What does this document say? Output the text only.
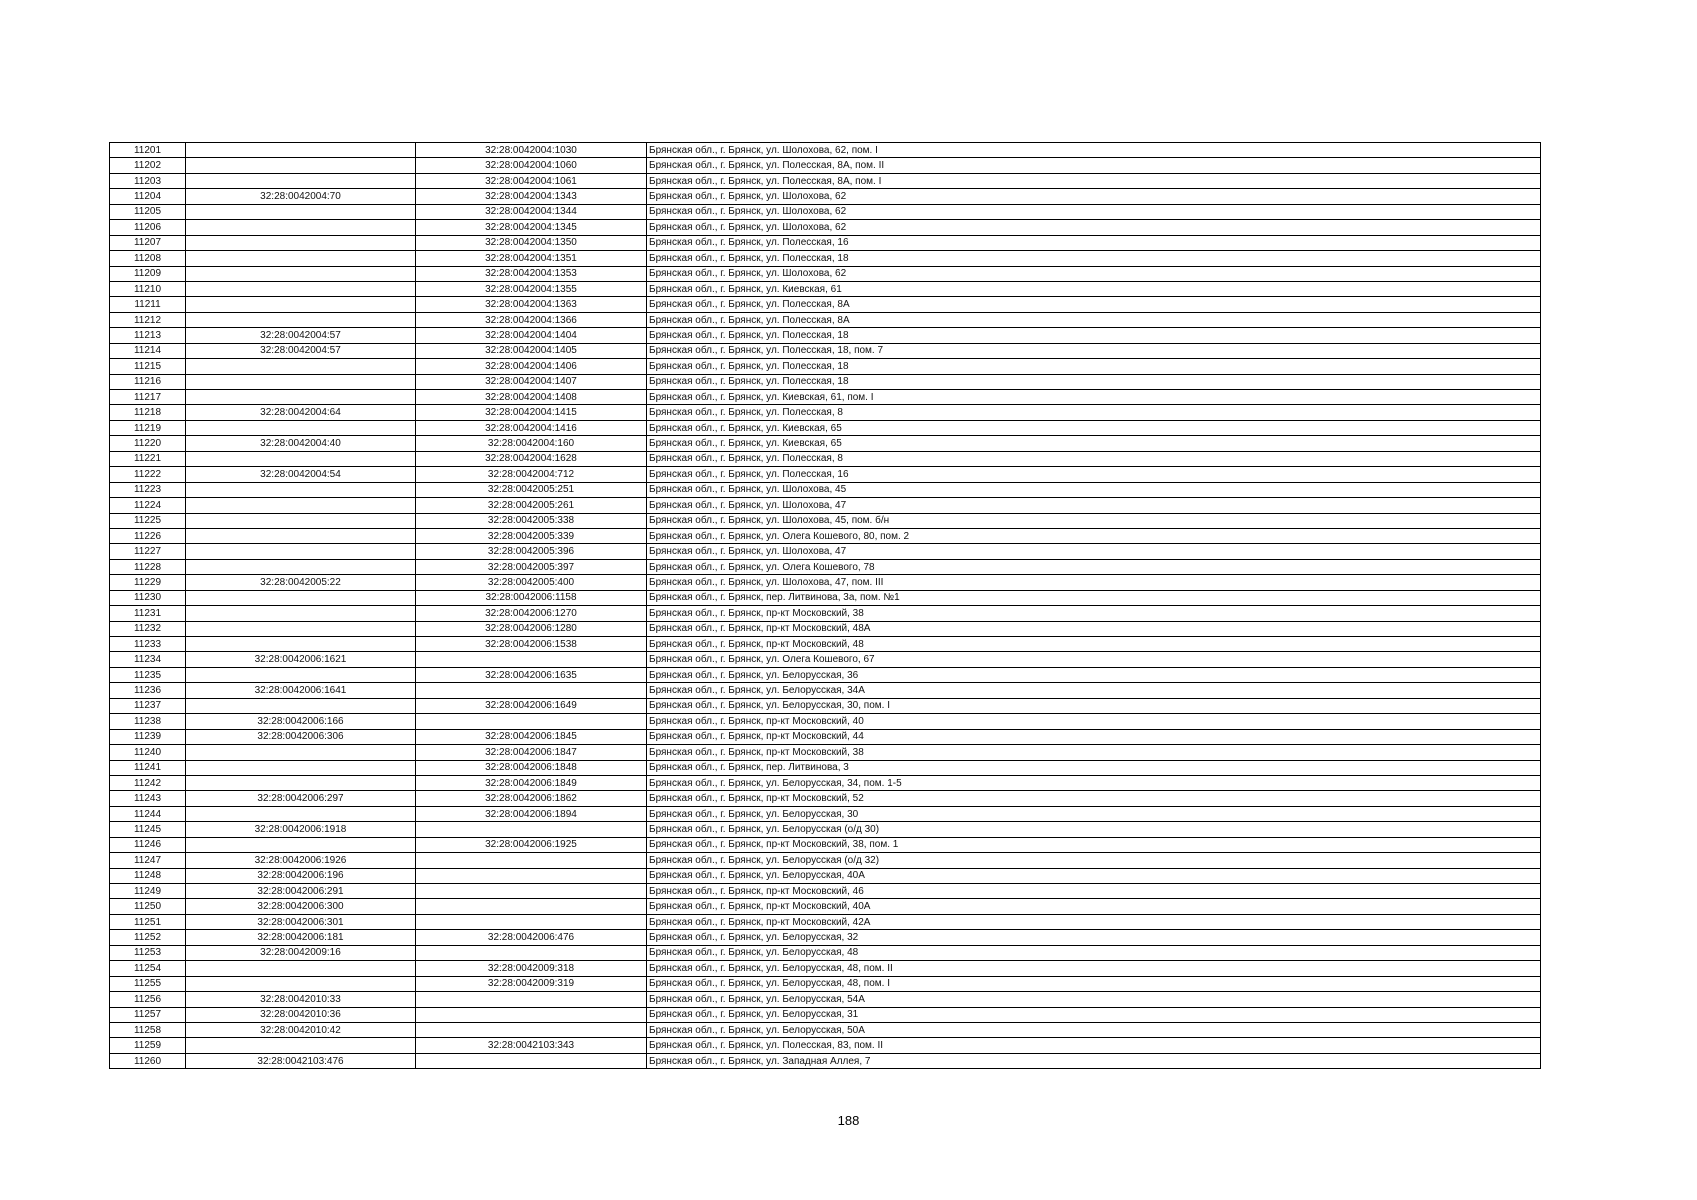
11201		32:28:0042004:1030	Брянская обл., г. Брянск, ул. Шолохова, 62, пом. I
11202		32:28:0042004:1060	Брянская обл., г. Брянск, ул. Полесская, 8А, пом. II
11203		32:28:0042004:1061	Брянская обл., г. Брянск, ул. Полесская, 8А, пом. I
11204	32:28:0042004:70	32:28:0042004:1343	Брянская обл., г. Брянск, ул. Шолохова, 62
11205		32:28:0042004:1344	Брянская обл., г. Брянск, ул. Шолохова, 62
11206		32:28:0042004:1345	Брянская обл., г. Брянск, ул. Шолохова, 62
11207		32:28:0042004:1350	Брянская обл., г. Брянск, ул. Полесская, 16
11208		32:28:0042004:1351	Брянская обл., г. Брянск, ул. Полесская, 18
11209		32:28:0042004:1353	Брянская обл., г. Брянск, ул. Шолохова, 62
11210		32:28:0042004:1355	Брянская обл., г. Брянск, ул. Киевская, 61
11211		32:28:0042004:1363	Брянская обл., г. Брянск, ул. Полесская, 8А
11212		32:28:0042004:1366	Брянская обл., г. Брянск, ул. Полесская, 8А
11213	32:28:0042004:57	32:28:0042004:1404	Брянская обл., г. Брянск, ул. Полесская, 18
11214	32:28:0042004:57	32:28:0042004:1405	Брянская обл., г. Брянск, ул. Полесская, 18, пом. 7
11215		32:28:0042004:1406	Брянская обл., г. Брянск, ул. Полесская, 18
11216		32:28:0042004:1407	Брянская обл., г. Брянск, ул. Полесская, 18
11217		32:28:0042004:1408	Брянская обл., г. Брянск, ул. Киевская, 61, пом. I
11218	32:28:0042004:64	32:28:0042004:1415	Брянская обл., г. Брянск, ул. Полесская, 8
11219		32:28:0042004:1416	Брянская обл., г. Брянск, ул. Киевская, 65
11220	32:28:0042004:40	32:28:0042004:160	Брянская обл., г. Брянск, ул. Киевская, 65
11221		32:28:0042004:1628	Брянская обл., г. Брянск, ул. Полесская, 8
11222	32:28:0042004:54	32:28:0042004:712	Брянская обл., г. Брянск, ул. Полесская, 16
11223		32:28:0042005:251	Брянская обл., г. Брянск, ул. Шолохова, 45
11224		32:28:0042005:261	Брянская обл., г. Брянск, ул. Шолохова, 47
11225		32:28:0042005:338	Брянская обл., г. Брянск, ул. Шолохова, 45, пом. б/н
11226		32:28:0042005:339	Брянская обл., г. Брянск, ул. Олега Кошевого, 80, пом. 2
11227		32:28:0042005:396	Брянская обл., г. Брянск, ул. Шолохова, 47
11228		32:28:0042005:397	Брянская обл., г. Брянск, ул. Олега Кошевого, 78
11229	32:28:0042005:22	32:28:0042005:400	Брянская обл., г. Брянск, ул. Шолохова, 47, пом. III
11230		32:28:0042006:1158	Брянская обл., г. Брянск, пер. Литвинова, 3а, пом. №1
11231		32:28:0042006:1270	Брянская обл., г. Брянск, пр-кт Московский, 38
11232		32:28:0042006:1280	Брянская обл., г. Брянск, пр-кт Московский, 48А
11233		32:28:0042006:1538	Брянская обл., г. Брянск, пр-кт Московский, 48
11234	32:28:0042006:1621		Брянская обл., г. Брянск, ул. Олега Кошевого, 67
11235		32:28:0042006:1635	Брянская обл., г. Брянск, ул. Белорусская, 36
11236	32:28:0042006:1641		Брянская обл., г. Брянск, ул. Белорусская, 34А
11237		32:28:0042006:1649	Брянская обл., г. Брянск, ул. Белорусская, 30, пом. I
11238	32:28:0042006:166		Брянская обл., г. Брянск, пр-кт Московский, 40
11239	32:28:0042006:306	32:28:0042006:1845	Брянская обл., г. Брянск, пр-кт Московский, 44
11240		32:28:0042006:1847	Брянская обл., г. Брянск, пр-кт Московский, 38
11241		32:28:0042006:1848	Брянская обл., г. Брянск, пер. Литвинова, 3
11242		32:28:0042006:1849	Брянская обл., г. Брянск, ул. Белорусская, 34, пом. 1-5
11243	32:28:0042006:297	32:28:0042006:1862	Брянская обл., г. Брянск, пр-кт Московский, 52
11244		32:28:0042006:1894	Брянская обл., г. Брянск, ул. Белорусская, 30
11245	32:28:0042006:1918		Брянская обл., г. Брянск, ул. Белорусская (о/д 30)
11246		32:28:0042006:1925	Брянская обл., г. Брянск, пр-кт Московский, 38, пом. 1
11247	32:28:0042006:1926		Брянская обл., г. Брянск, ул. Белорусская (о/д 32)
11248	32:28:0042006:196		Брянская обл., г. Брянск, ул. Белорусская, 40А
11249	32:28:0042006:291		Брянская обл., г. Брянск, пр-кт Московский, 46
11250	32:28:0042006:300		Брянская обл., г. Брянск, пр-кт Московский, 40А
11251	32:28:0042006:301		Брянская обл., г. Брянск, пр-кт Московский, 42А
11252	32:28:0042006:181	32:28:0042006:476	Брянская обл., г. Брянск, ул. Белорусская, 32
11253	32:28:0042009:16		Брянская обл., г. Брянск, ул. Белорусская, 48
11254		32:28:0042009:318	Брянская обл., г. Брянск, ул. Белорусская, 48, пом. II
11255		32:28:0042009:319	Брянская обл., г. Брянск, ул. Белорусская, 48, пом. I
11256	32:28:0042010:33		Брянская обл., г. Брянск, ул. Белорусская, 54А
11257	32:28:0042010:36		Брянская обл., г. Брянск, ул. Белорусская, 31
11258	32:28:0042010:42		Брянская обл., г. Брянск, ул. Белорусская, 50А
11259		32:28:0042103:343	Брянская обл., г. Брянск, ул. Полесская, 83, пом. II
11260	32:28:0042103:476		Брянская обл., г. Брянск, ул. Западная Аллея, 7
188
